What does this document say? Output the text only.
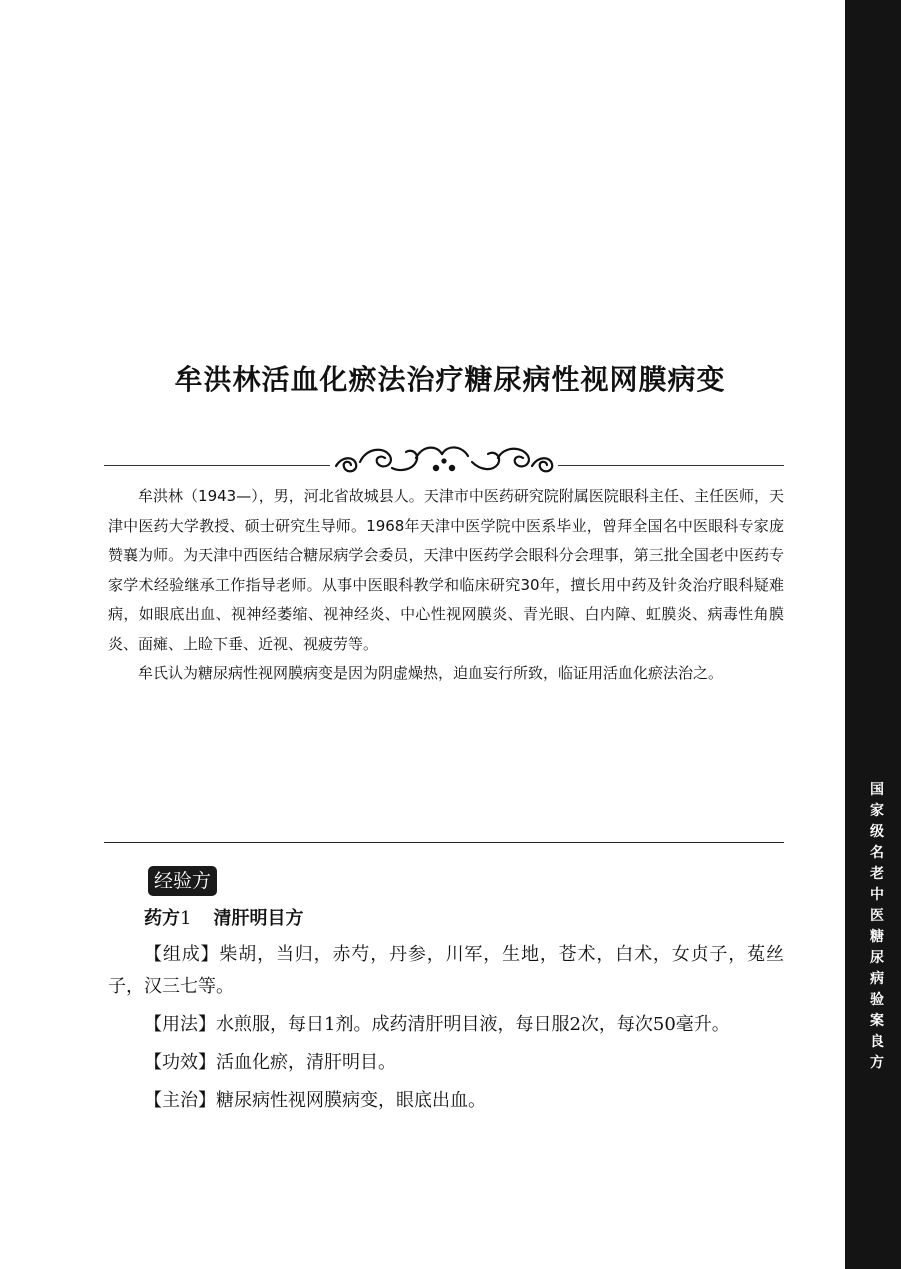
牟洪林活血化瘀法治疗糖尿病性视网膜病变

牟洪林（1943—），男，河北省故城县人。天津市中医药研究院附属医院眼科主任、主任医师，天津中医药大学教授、硕士研究生导师。1968年天津中医学院中医系毕业，曾拜全国名中医眼科专家庞赞襄为师。为天津中西医结合糖尿病学会委员，天津中医药学会眼科分会理事，第三批全国老中医药专家学术经验继承工作指导老师。从事中医眼科教学和临床研究30年，擅长用中药及针灸治疗眼科疑难病，如眼底出血、视神经萎缩、视神经炎、中心性视网膜炎、青光眼、白内障、虹膜炎、病毒性角膜炎、面瘫、上睑下垂、近视、视疲劳等。

牟氏认为糖尿病性视网膜病变是因为阴虚燥热，迫血妄行所致，临证用活血化瘀法治之。

经验方

药方1 清肝明目方

【组成】柴胡，当归，赤芍，丹参，川军，生地，苍术，白术，女贞子，菟丝子，汉三七等。

【用法】水煎服，每日1剂。成药清肝明目液，每日服2次，每次50毫升。

【功效】活血化瘀，清肝明目。

【主治】糖尿病性视网膜病变，眼底出血。

国
家
级
名
老
中
医
糖
尿
病
验
案
良
方
